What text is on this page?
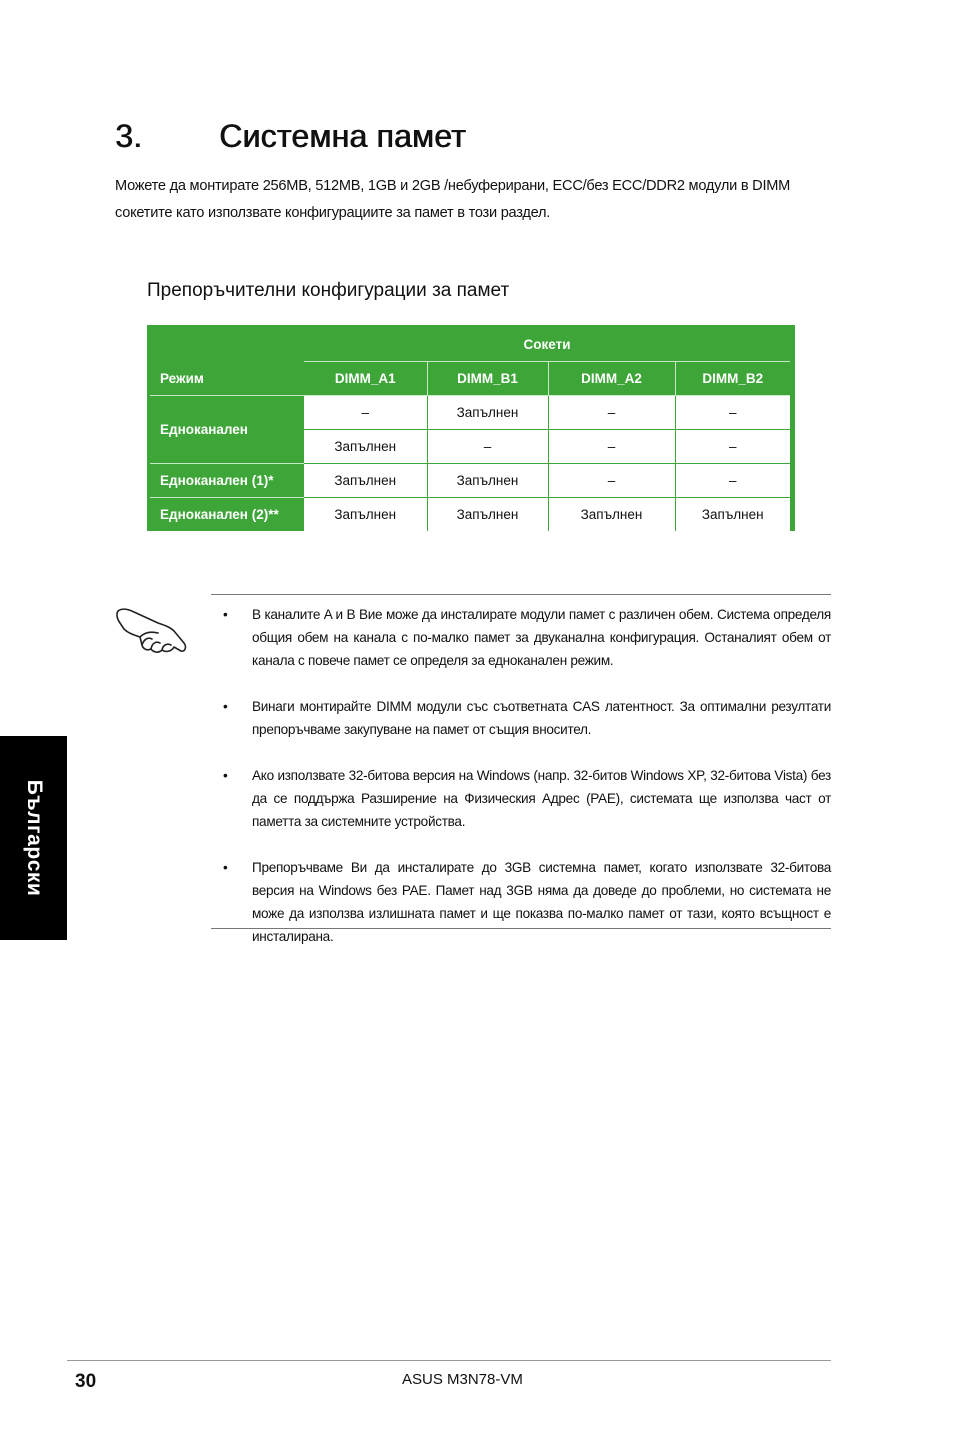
3. Системна памет

Можете да монтирате 256MB, 512MB, 1GB и 2GB /небуферирани, ECC/без ECC/DDR2 модули в DIMM сокетите като използвате конфигурациите за памет в този раздел.

Препоръчителни конфигурации за памет
	Сокети			
Режим	DIMM_A1	DIMM_B1	DIMM_A2	DIMM_B2
Едноканален	–	Запълнен	–	–
	Запълнен	–	–	–
Едноканален (1)*	Запълнен	Запълнен	–	–
Едноканален (2)**	Запълнен	Запълнен	Запълнен	Запълнен
• В каналите A и B Вие може да инсталирате модули памет с различен обем. Система определя общия обем на канала с по-малко памет за двуканална конфигурация. Останалият обем от канала с повече памет се определя за едноканален режим.
• Винаги монтирайте DIMM модули със съответната CAS латентност. За оптимални резултати препоръчваме закупуване на памет от същия вносител.
• Ако използвате 32-битова версия на Windows (напр. 32-битов Windows XP, 32-битова Vista) без да се поддържа Разширение на Физическия Адрес (PAE), системата ще използва част от паметта за системните устройства.
• Препоръчваме Ви да инсталирате до 3GB системна памет, когато използвате 32-битова версия на Windows без PAE. Памет над 3GB няма да доведе до проблеми, но системата не може да използва излишната памет и ще показва по-малко памет от тази, която всъщност е инсталирана.
Български
30	ASUS M3N78-VM
